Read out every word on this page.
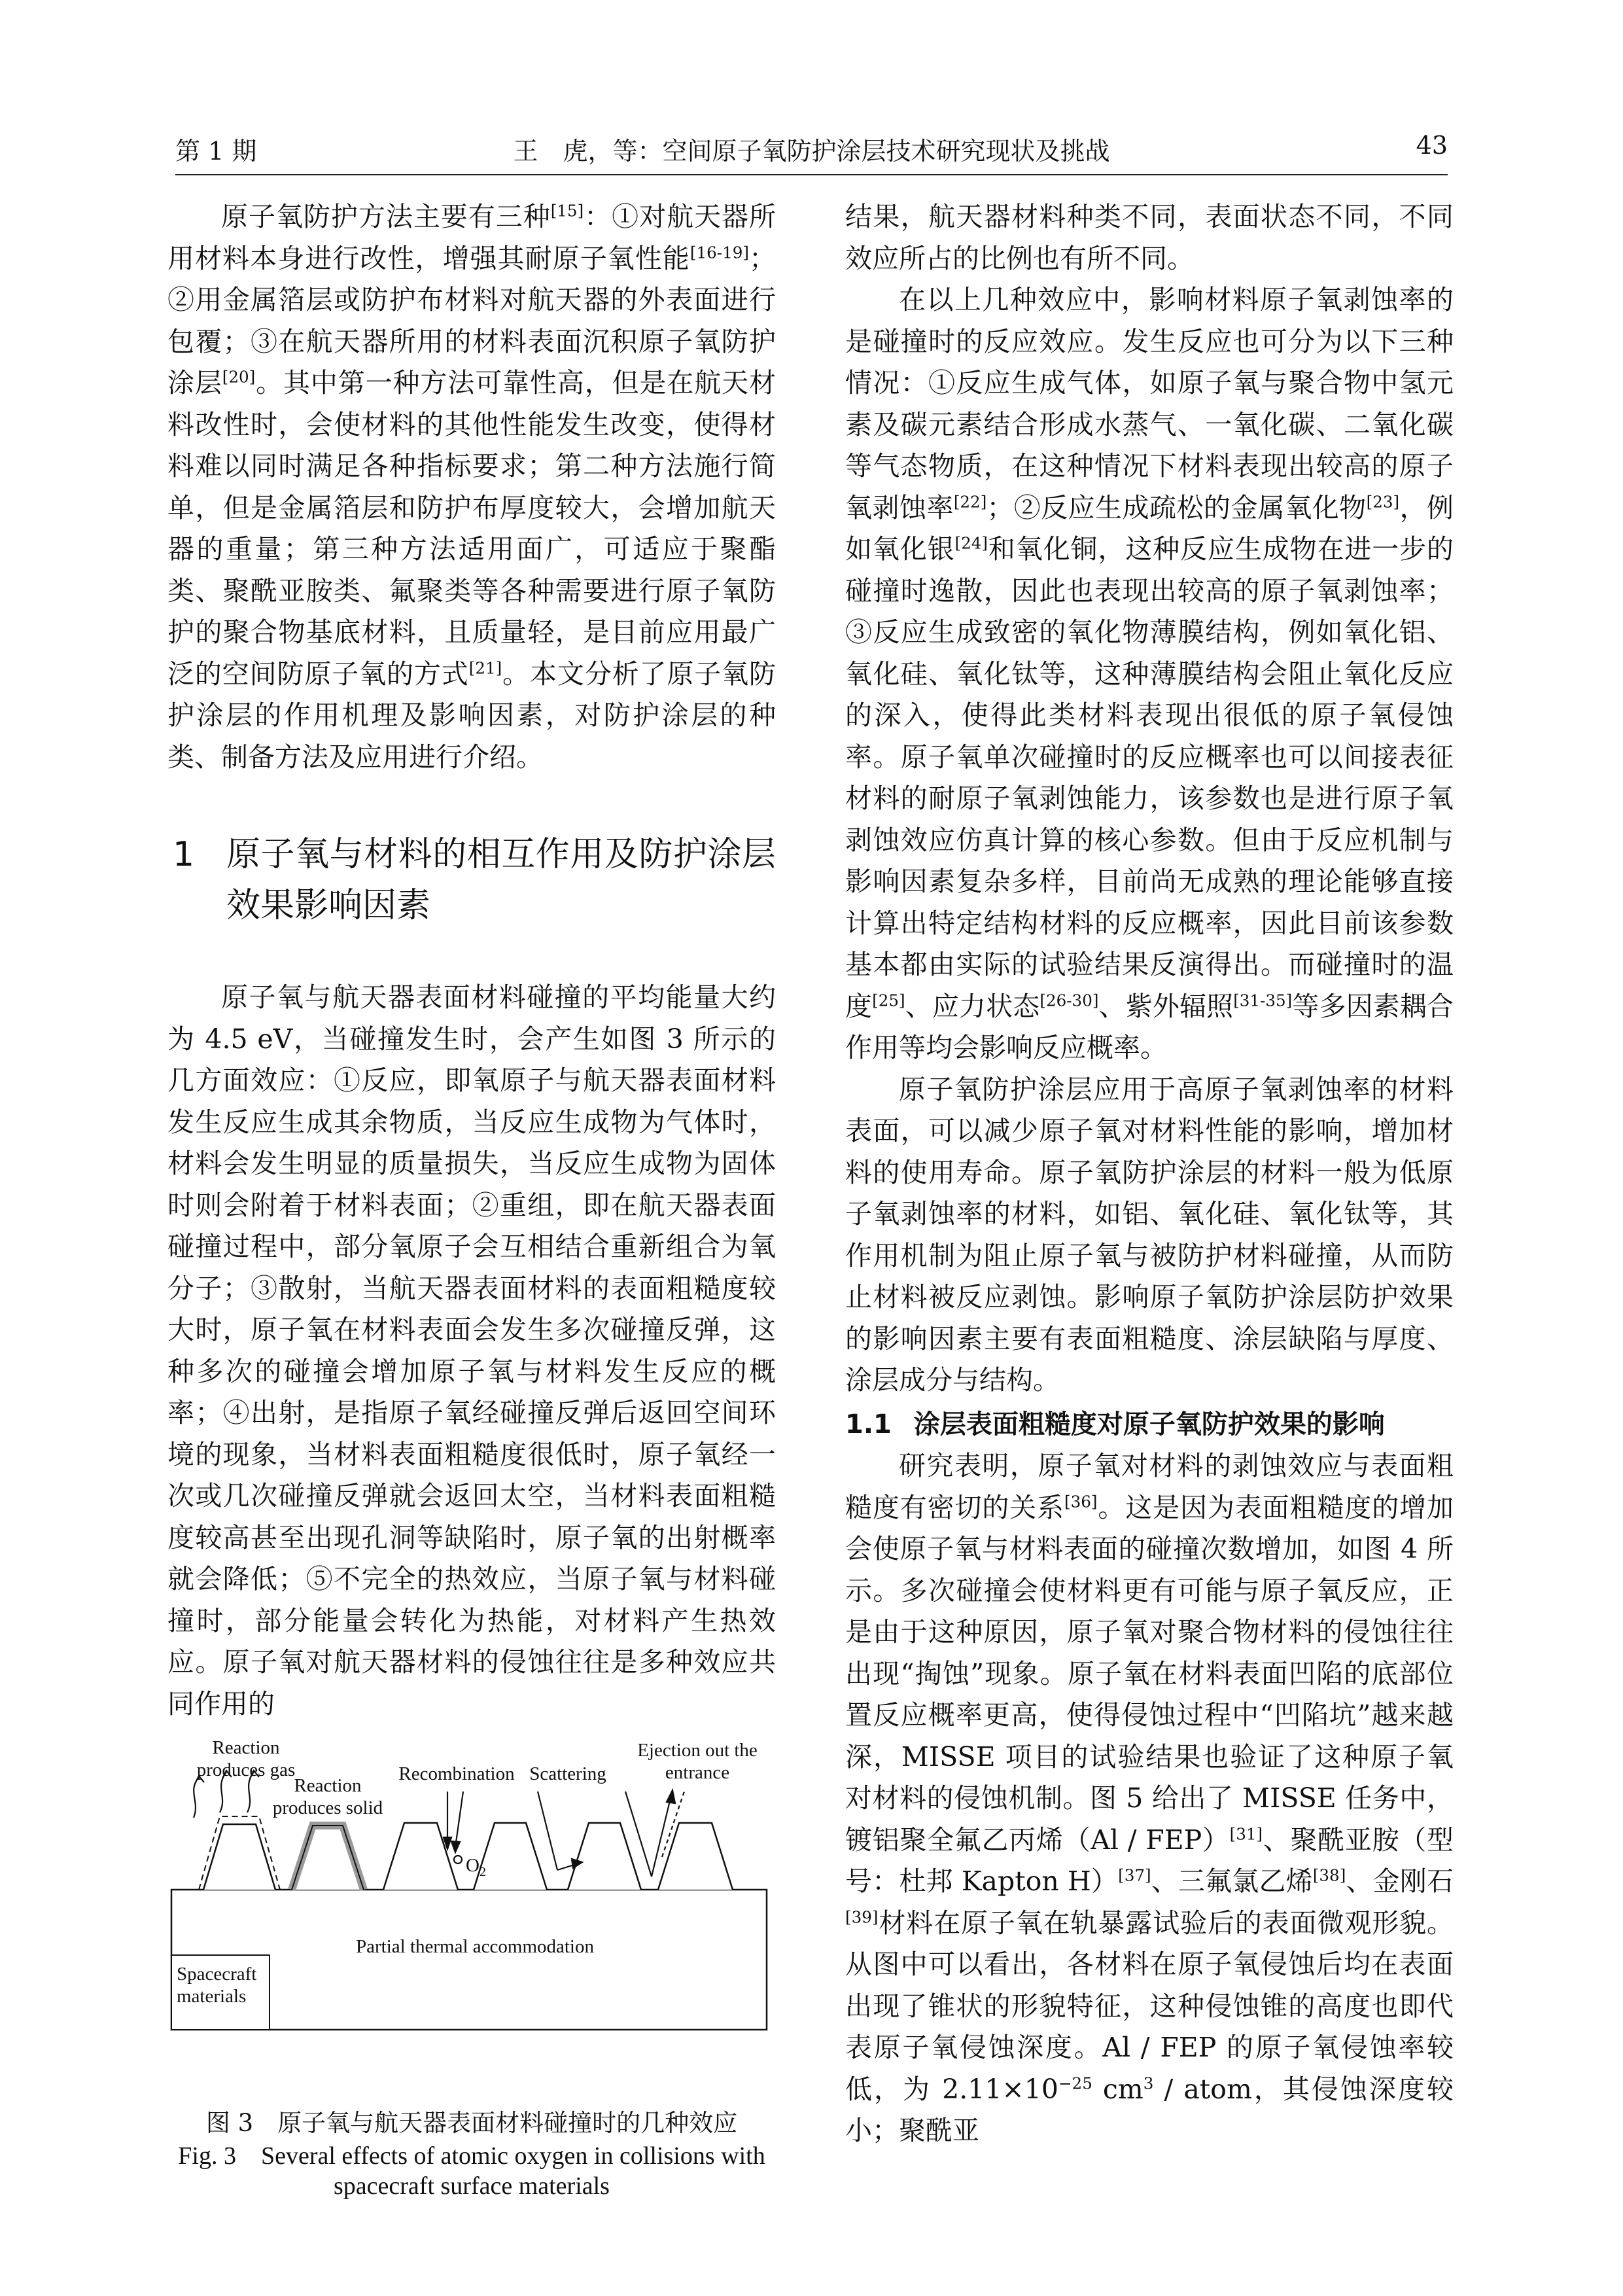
第 1 期	王　虎，等：空间原子氧防护涂层技术研究现状及挑战	43

原子氧防护方法主要有三种[15]：①对航天器所用材料本身进行改性，增强其耐原子氧性能[16-19]；②用金属箔层或防护布材料对航天器的外表面进行包覆；③在航天器所用的材料表面沉积原子氧防护涂层[20]。其中第一种方法可靠性高，但是在航天材料改性时，会使材料的其他性能发生改变，使得材料难以同时满足各种指标要求；第二种方法施行简单，但是金属箔层和防护布厚度较大，会增加航天器的重量；第三种方法适用面广，可适应于聚酯类、聚酰亚胺类、氟聚类等各种需要进行原子氧防护的聚合物基底材料，且质量轻，是目前应用最广泛的空间防原子氧的方式[21]。本文分析了原子氧防护涂层的作用机理及影响因素，对防护涂层的种类、制备方法及应用进行介绍。

1 原子氧与材料的相互作用及防护涂层效果影响因素

原子氧与航天器表面材料碰撞的平均能量大约为 4.5 eV，当碰撞发生时，会产生如图 3 所示的几方面效应：①反应，即氧原子与航天器表面材料发生反应生成其余物质，当反应生成物为气体时，材料会发生明显的质量损失，当反应生成物为固体时则会附着于材料表面；②重组，即在航天器表面碰撞过程中，部分氧原子会互相结合重新组合为氧分子；③散射，当航天器表面材料的表面粗糙度较大时，原子氧在材料表面会发生多次碰撞反弹，这种多次的碰撞会增加原子氧与材料发生反应的概率；④出射，是指原子氧经碰撞反弹后返回空间环境的现象，当材料表面粗糙度很低时，原子氧经一次或几次碰撞反弹就会返回太空，当材料表面粗糙度较高甚至出现孔洞等缺陷时，原子氧的出射概率就会降低；⑤不完全的热效应，当原子氧与材料碰撞时，部分能量会转化为热能，对材料产生热效应。原子氧对航天器材料的侵蚀往往是多种效应共同作用的

Reaction
produces gas
Reaction
produces solid
Recombination Scattering
Ejection out the
entrance
$O_2$
Partial thermal accommodation
Spacecraft
materials
图 3　原子氧与航天器表面材料碰撞时的几种效应
Fig. 3　Several effects of atomic oxygen in collisions with
spacecraft surface materials

结果，航天器材料种类不同，表面状态不同，不同效应所占的比例也有所不同。

在以上几种效应中，影响材料原子氧剥蚀率的是碰撞时的反应效应。发生反应也可分为以下三种情况：①反应生成气体，如原子氧与聚合物中氢元素及碳元素结合形成水蒸气、一氧化碳、二氧化碳等气态物质，在这种情况下材料表现出较高的原子氧剥蚀率[22]；②反应生成疏松的金属氧化物[23]，例如氧化银[24]和氧化铜，这种反应生成物在进一步的碰撞时逸散，因此也表现出较高的原子氧剥蚀率；③反应生成致密的氧化物薄膜结构，例如氧化铝、氧化硅、氧化钛等，这种薄膜结构会阻止氧化反应的深入，使得此类材料表现出很低的原子氧侵蚀率。原子氧单次碰撞时的反应概率也可以间接表征材料的耐原子氧剥蚀能力，该参数也是进行原子氧剥蚀效应仿真计算的核心参数。但由于反应机制与影响因素复杂多样，目前尚无成熟的理论能够直接计算出特定结构材料的反应概率，因此目前该参数基本都由实际的试验结果反演得出。而碰撞时的温度[25]、应力状态[26-30]、紫外辐照[31-35]等多因素耦合作用等均会影响反应概率。

原子氧防护涂层应用于高原子氧剥蚀率的材料表面，可以减少原子氧对材料性能的影响，增加材料的使用寿命。原子氧防护涂层的材料一般为低原子氧剥蚀率的材料，如铝、氧化硅、氧化钛等，其作用机制为阻止原子氧与被防护材料碰撞，从而防止材料被反应剥蚀。影响原子氧防护涂层防护效果的影响因素主要有表面粗糙度、涂层缺陷与厚度、涂层成分与结构。

1.1 涂层表面粗糙度对原子氧防护效果的影响

研究表明，原子氧对材料的剥蚀效应与表面粗糙度有密切的关系[36]。这是因为表面粗糙度的增加会使原子氧与材料表面的碰撞次数增加，如图 4 所示。多次碰撞会使材料更有可能与原子氧反应，正是由于这种原因，原子氧对聚合物材料的侵蚀往往出现“掏蚀”现象。原子氧在材料表面凹陷的底部位置反应概率更高，使得侵蚀过程中“凹陷坑”越来越深，MISSE 项目的试验结果也验证了这种原子氧对材料的侵蚀机制。图 5 给出了 MISSE 任务中，镀铝聚全氟乙丙烯（Al / FEP）[31]、聚酰亚胺（型号：杜邦 Kapton H）[37]、三氟氯乙烯[38]、金刚石[39]材料在原子氧在轨暴露试验后的表面微观形貌。从图中可以看出，各材料在原子氧侵蚀后均在表面出现了锥状的形貌特征，这种侵蚀锥的高度也即代表原子氧侵蚀深度。Al / FEP 的原子氧侵蚀率较低，为 $2.11\times 10^{-25}$ $cm^3$ / atom，其侵蚀深度较小；聚酰亚
